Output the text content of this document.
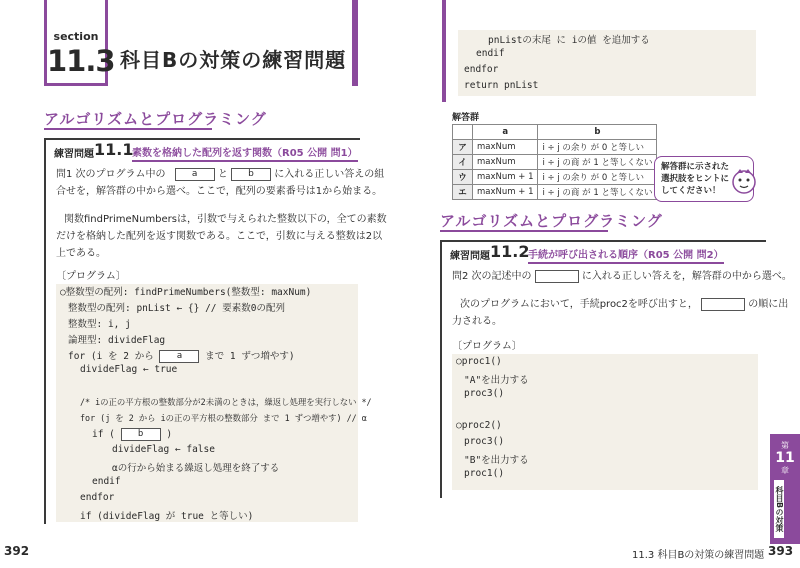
section
11.3 科目Bの対策の練習問題
アルゴリズムとプログラミング
練習問題 11.1
素数を格納した配列を返す関数（R05 公開 問1）
問1 次のプログラム中の	a と b に入れる正しい答えの組
合せを，解答群の中から選べ。ここで，配列の要素番号は1から始まる。
関数findPrimeNumbersは，引数で与えられた整数以下の，全ての素数
だけを格納した配列を返す関数である。ここで，引数に与える整数は2以
上である。
〔プログラム〕
○整数型の配列: findPrimeNumbers(整数型: maxNum)
整数型の配列: pnList ← {} // 要素数0の配列
整数型: i, j
論理型: divideFlag
for (i を 2 から	a まで 1 ずつ増やす)
divideFlag ← true
/* iの正の平方根の整数部分が2未満のときは，繰返し処理を実行しない */
for (j を 2 から iの正の平方根の整数部分 まで 1 ずつ増やす) // α
if (	b )
divideFlag ← false
αの行から始まる繰返し処理を終了する
endif
endfor
if (divideFlag が true と等しい)
392
pnListの末尾 に iの値 を追加する
endif
endfor
return pnList
解答群
	a	b
ア	maxNum	i ÷ j の余り が 0 と等しい
イ	maxNum	i ÷ j の商 が 1 と等しくない
ウ	maxNum + 1	i ÷ j の余り が 0 と等しい
エ	maxNum + 1	i ÷ j の商 が 1 と等しくない
解答群に示された
選択肢をヒントに
してください！
アルゴリズムとプログラミング
練習問題 11.2
手続が呼び出される順序（R05 公開 問2）
問2 次の記述中の	に入れる正しい答えを，解答群の中から選べ。
次のプログラムにおいて，手続proc2を呼び出すと，	の順に出
力される。
〔プログラム〕
○proc1()
"A"を出力する
proc3()
○proc2()
proc3()
"B"を出力する
proc1()
第
11
章
科目Bの対策
11.3 科目Bの対策の練習問題 393
